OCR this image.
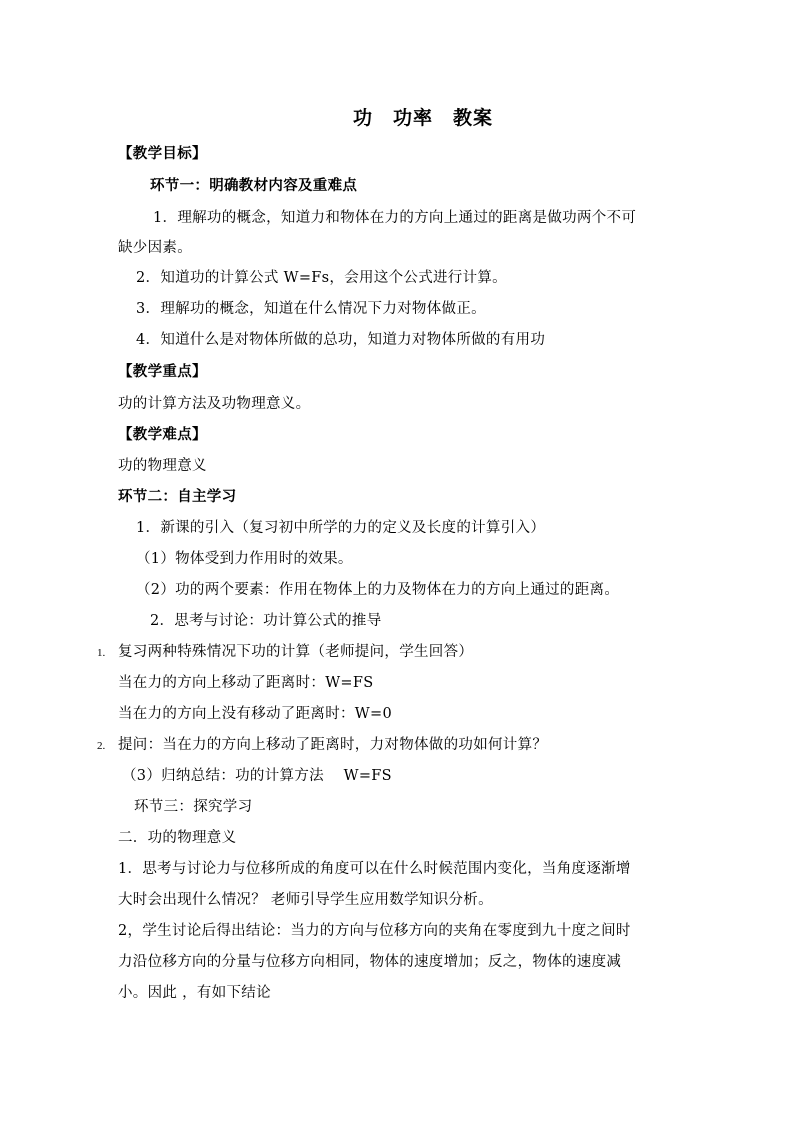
功　功率　教案

【教学目标】

环节一：明确教材内容及重难点

1．理解功的概念，知道力和物体在力的方向上通过的距离是做功两个不可

缺少因素。

2．知道功的计算公式 W=Fs，会用这个公式进行计算。

3．理解功的概念，知道在什么情况下力对物体做正。

4．知道什么是对物体所做的总功，知道力对物体所做的有用功

【教学重点】

功的计算方法及功物理意义。

【教学难点】

功的物理意义

环节二：自主学习

1．新课的引入（复习初中所学的力的定义及长度的计算引入）

（1）物体受到力作用时的效果。

（2）功的两个要素：作用在物体上的力及物体在力的方向上通过的距离。

2．思考与讨论：功计算公式的推导

1. 复习两种特殊情况下功的计算（老师提问，学生回答）

当在力的方向上移动了距离时：W=FS

当在力的方向上没有移动了距离时：W=0

2. 提问：当在力的方向上移动了距离时，力对物体做的功如何计算？

（3）归纳总结：功的计算方法　 W=FS

环节三：探究学习

二．功的物理意义

1．思考与讨论力与位移所成的角度可以在什么时候范围内变化，当角度逐渐增

大时会出现什么情况？ 老师引导学生应用数学知识分析。

2，学生讨论后得出结论：当力的方向与位移方向的夹角在零度到九十度之间时

力沿位移方向的分量与位移方向相同，物体的速度增加；反之，物体的速度减

小。因此 ，有如下结论
